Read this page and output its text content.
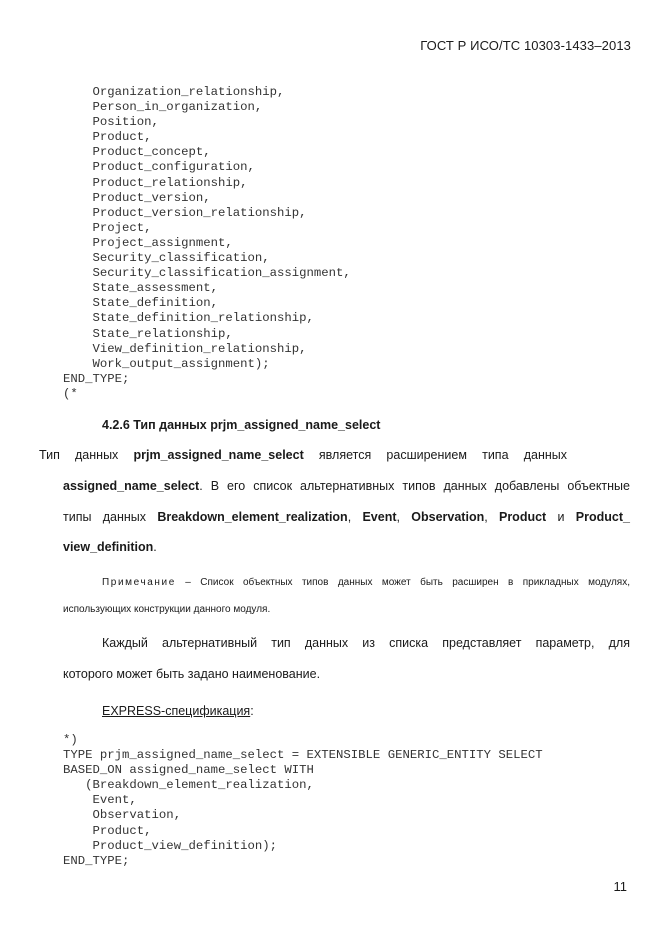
ГОСТ Р ИСО/ТС 10303-1433–2013
Organization_relationship,
Person_in_organization,
Position,
Product,
Product_concept,
Product_configuration,
Product_relationship,
Product_version,
Product_version_relationship,
Project,
Project_assignment,
Security_classification,
Security_classification_assignment,
State_assessment,
State_definition,
State_definition_relationship,
State_relationship,
View_definition_relationship,
Work_output_assignment);
END_TYPE;
(*
4.2.6 Тип данных prjm_assigned_name_select
Тип данных prjm_assigned_name_select является расширением типа данных
assigned_name_select. В его список альтернативных типов данных добавлены объектные
типы данных Breakdown_element_realization, Event, Observation, Product и Product_
view_definition.
Примечание – Список объектных типов данных может быть расширен в прикладных модулях,
использующих конструкции данного модуля.
Каждый альтернативный тип данных из списка представляет параметр, для
которого может быть задано наименование.
EXPRESS-спецификация:
*)
TYPE prjm_assigned_name_select = EXTENSIBLE GENERIC_ENTITY SELECT
BASED_ON assigned_name_select WITH
(Breakdown_element_realization,
Event,
Observation,
Product,
Product_view_definition);
END_TYPE;
11
